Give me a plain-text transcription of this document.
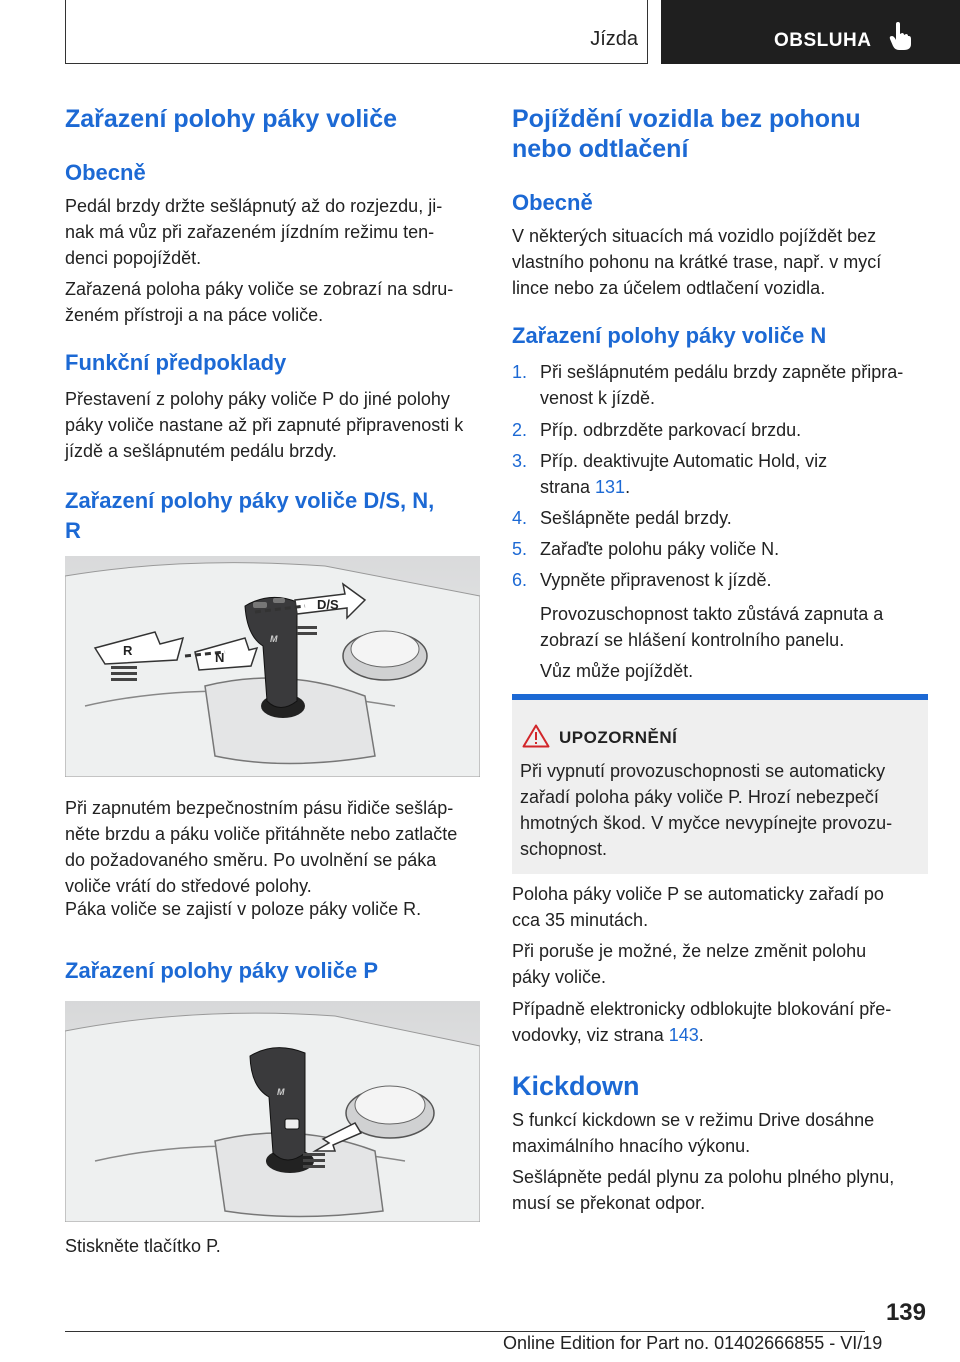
Jízda	OBSLUHA
Zařazení polohy páky voliče
Obecně

Pedál brzdy držte sešlápnutý až do rozjezdu, ji-
nak má vůz při zařazeném jízdním režimu ten-
denci popojíždět.

Zařazená poloha páky voliče se zobrazí na sdru-
ženém přístroji a na páce voliče.

Funkční předpoklady

Přestavení z polohy páky voliče P do jiné polohy
páky voliče nastane až při zapnuté připravenosti k
jízdě a sešlápnutém pedálu brzdy.

Zařazení polohy páky voliče D/S, N,
R
R	N
D/S
M

Při zapnutém bezpečnostním pásu řidiče sešláp-
něte brzdu a páku voliče přitáhněte nebo zatlačte
do požadovaného směru. Po uvolnění se páka
voliče vrátí do středové polohy.

Páka voliče se zajistí v poloze páky voliče R.

Zařazení polohy páky voliče P
M

Stiskněte tlačítko P.

Pojíždění vozidla bez pohonu
nebo odtlačení
Obecně

V některých situacích má vozidlo pojíždět bez
vlastního pohonu na krátké trase, např. v mycí
lince nebo za účelem odtlačení vozidla.

Zařazení polohy páky voliče N
1. Při sešlápnutém pedálu brzdy zapněte připra-
venost k jízdě.

2. Příp. odbrzděte parkovací brzdu.

3. Příp. deaktivujte Automatic Hold, viz
strana 131.

4. Sešlápněte pedál brzdy.

5. Zařaďte polohu páky voliče N.

6. Vypněte připravenost k jízdě.

Provozuschopnost takto zůstává zapnuta a
zobrazí se hlášení kontrolního panelu.

Vůz může pojíždět.

UPOZORNĚNÍ

Při vypnutí provozuschopnosti se automaticky
zařadí poloha páky voliče P. Hrozí nebezpečí
hmotných škod. V myčce nevypínejte provozu-
schopnost.

Poloha páky voliče P se automaticky zařadí po
cca 35 minutách.

Při poruše je možné, že nelze změnit polohu
páky voliče.

Případně elektronicky odblokujte blokování pře-
vodovky, viz strana 143.

Kickdown

S funkcí kickdown se v režimu Drive dosáhne
maximálního hnacího výkonu.

Sešlápněte pedál plynu za polohu plného plynu,
musí se překonat odpor.

139
Online Edition for Part no. 01402666855 - VI/19
